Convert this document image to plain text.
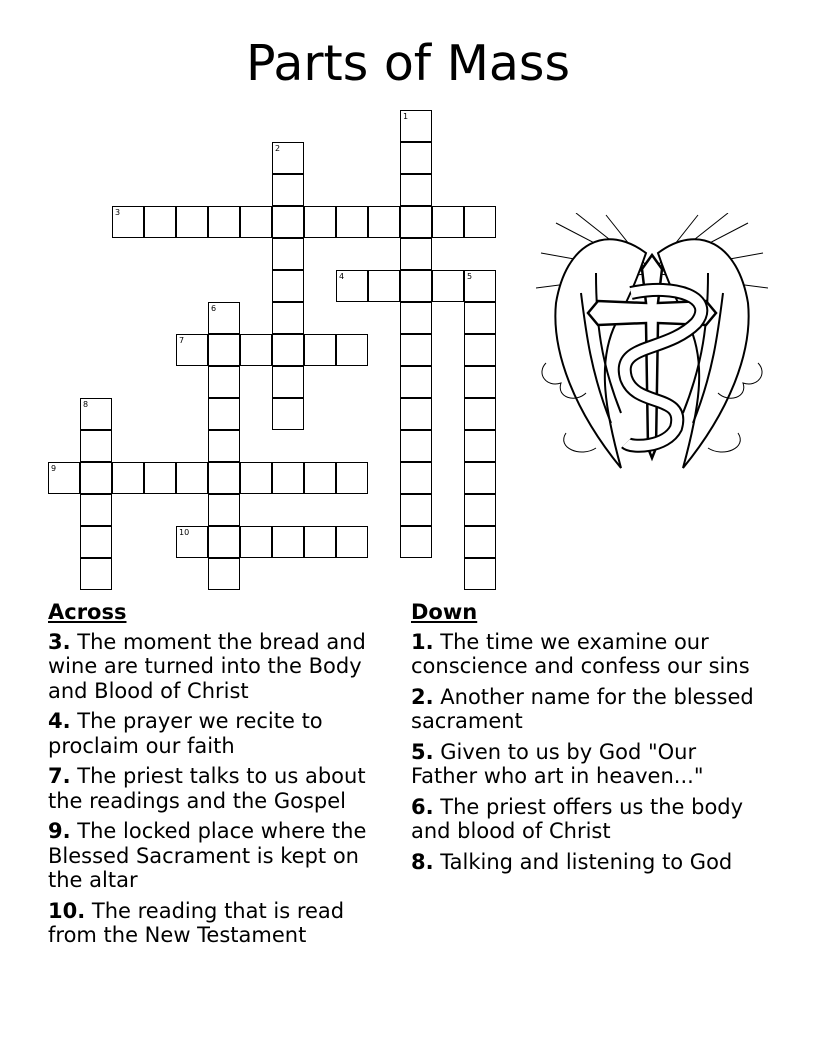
Parts of Mass
1
2
3
4	5
6
7
8
9
10
Across
3. The moment the bread and wine are turned into the Body and Blood of Christ
4. The prayer we recite to proclaim our faith
7. The priest talks to us about the readings and the Gospel
9. The locked place where the Blessed Sacrament is kept on the altar
10. The reading that is read from the New Testament
Down
1. The time we examine our conscience and confess our sins
2. Another name for the blessed sacrament
5. Given to us by God "Our Father who art in heaven..."
6. The priest offers us the body and blood of Christ
8. Talking and listening to God
